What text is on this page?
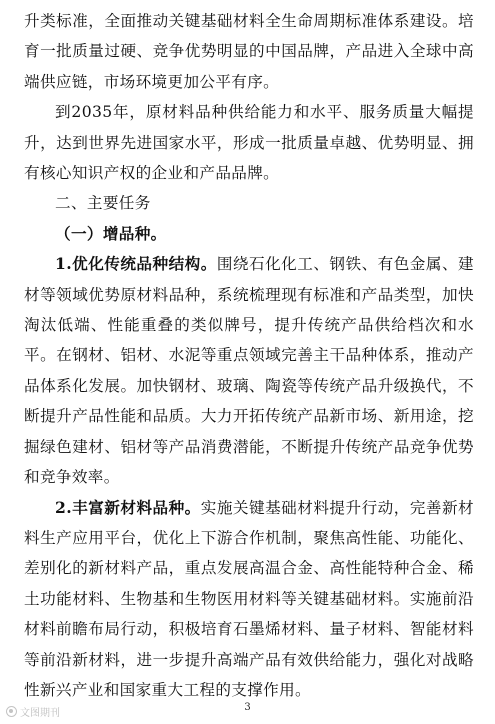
升类标准，全面推动关键基础材料全生命周期标准体系建设。培育一批质量过硬、竞争优势明显的中国品牌，产品进入全球中高端供应链，市场环境更加公平有序。

到2035年，原材料品种供给能力和水平、服务质量大幅提升，达到世界先进国家水平，形成一批质量卓越、优势明显、拥有核心知识产权的企业和产品品牌。

二、主要任务

（一）增品种。

1.优化传统品种结构。围绕石化化工、钢铁、有色金属、建材等领域优势原材料品种，系统梳理现有标准和产品类型，加快淘汰低端、性能重叠的类似牌号，提升传统产品供给档次和水平。在钢材、铝材、水泥等重点领域完善主干品种体系，推动产品体系化发展。加快钢材、玻璃、陶瓷等传统产品升级换代，不断提升产品性能和品质。大力开拓传统产品新市场、新用途，挖掘绿色建材、铝材等产品消费潜能，不断提升传统产品竞争优势和竞争效率。

2.丰富新材料品种。实施关键基础材料提升行动，完善新材料生产应用平台，优化上下游合作机制，聚焦高性能、功能化、差别化的新材料产品，重点发展高温合金、高性能特种合金、稀土功能材料、生物基和生物医用材料等关键基础材料。实施前沿材料前瞻布局行动，积极培育石墨烯材料、量子材料、智能材料等前沿新材料，进一步提升高端产品有效供给能力，强化对战略性新兴产业和国家重大工程的支撑作用。

3
文图期刊
